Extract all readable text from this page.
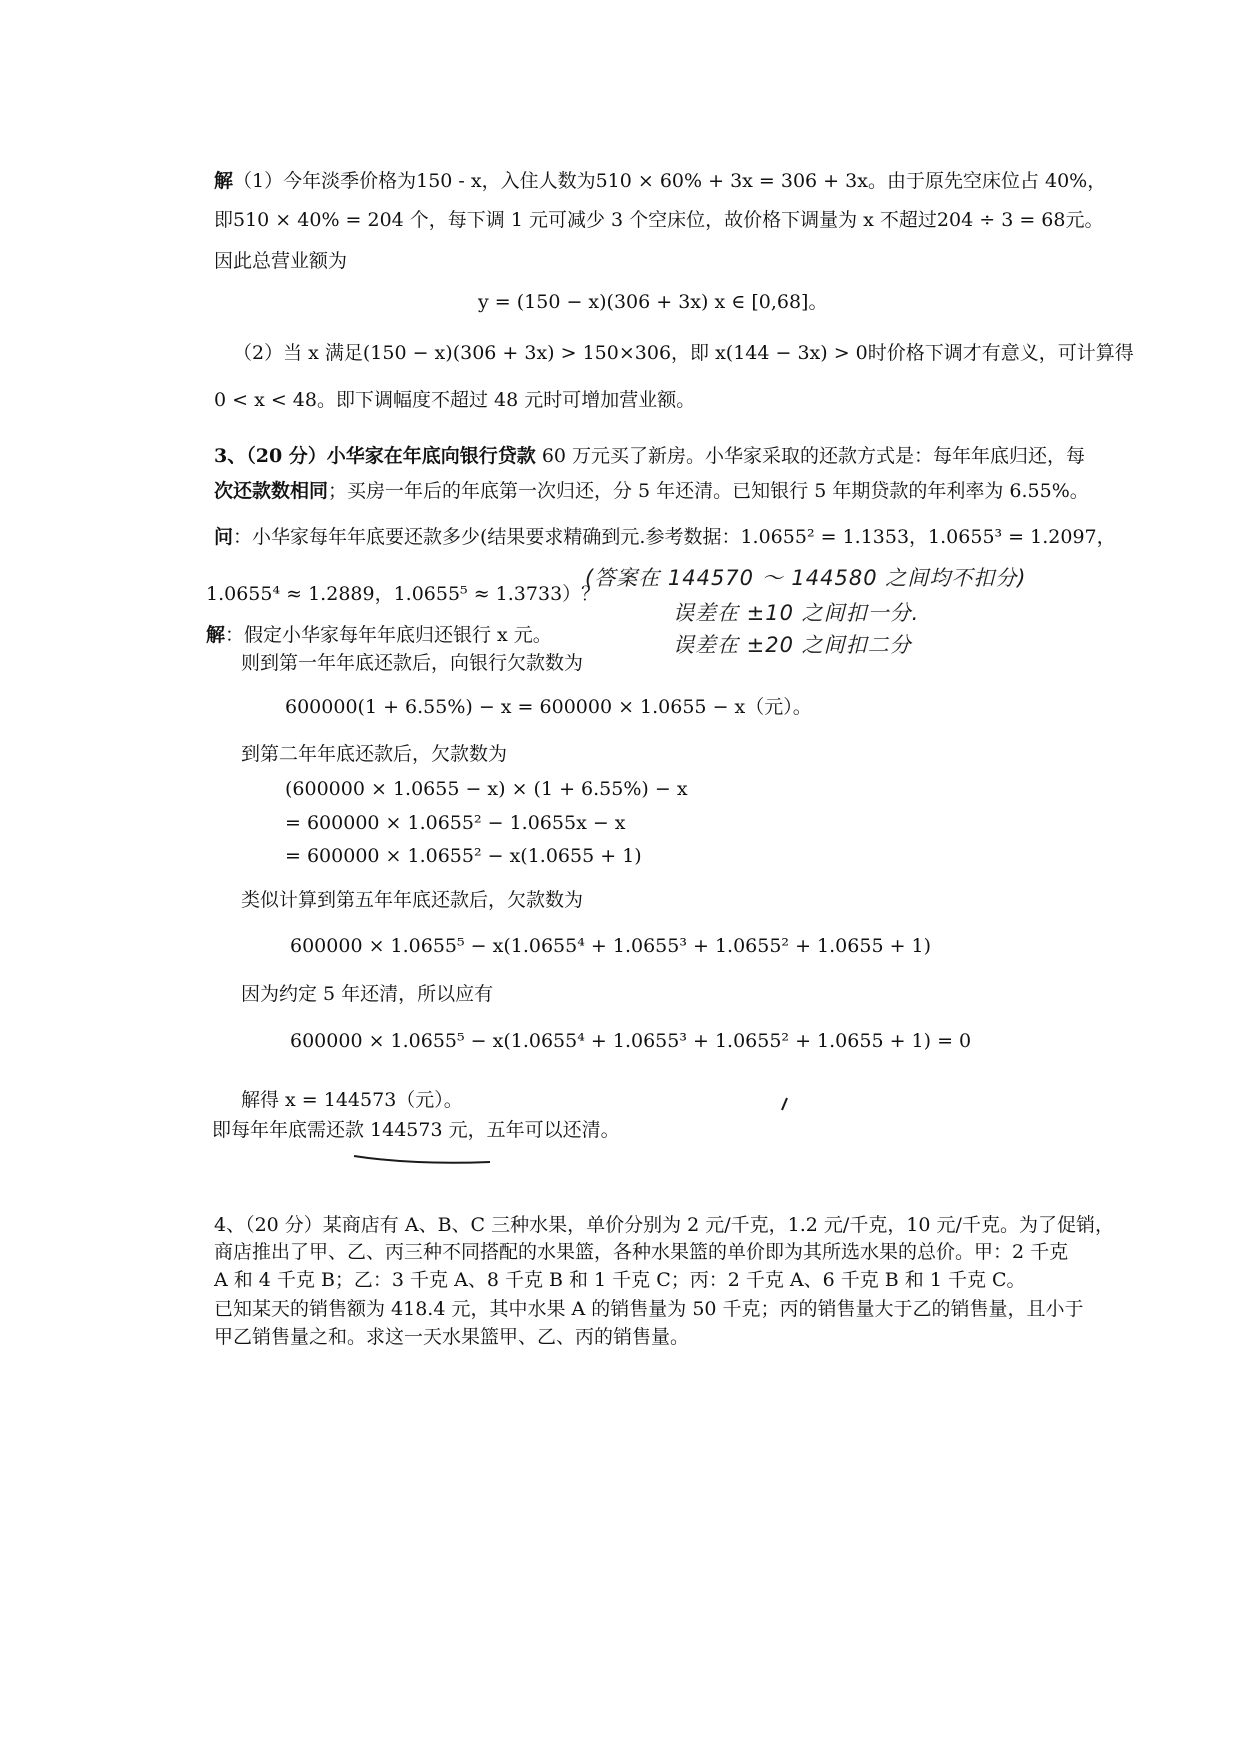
解（1）今年淡季价格为150 - x，入住人数为510 × 60% + 3x = 306 + 3x。由于原先空床位占 40%，

即510 × 40% = 204 个，每下调 1 元可减少 3 个空床位，故价格下调量为 x 不超过204 ÷ 3 = 68元。

因此总营业额为

y = (150 − x)(306 + 3x) x ∈ [0,68]。

（2）当 x 满足(150 − x)(306 + 3x) > 150×306，即 x(144 − 3x) > 0时价格下调才有意义，可计算得

0 < x < 48。即下调幅度不超过 48 元时可增加营业额。

3、（20 分）小华家在年底向银行贷款 60 万元买了新房。小华家采取的还款方式是：每年年底归还，每

次还款数相同；买房一年后的年底第一次归还，分 5 年还清。已知银行 5 年期贷款的年利率为 6.55%。

问：小华家每年年底要还款多少(结果要求精确到元.参考数据：1.0655² = 1.1353，1.0655³ = 1.2097，

1.0655⁴ ≈ 1.2889，1.0655⁵ ≈ 1.3733）？

(答案在 144570 ～ 144580 之间均不扣分)

误差在 ±10 之间扣一分.

误差在 ±20 之间扣二分

解：假定小华家每年年底归还银行 x 元。

则到第一年年底还款后，向银行欠款数为

600000(1 + 6.55%) − x = 600000 × 1.0655 − x（元）。

到第二年年底还款后，欠款数为

(600000 × 1.0655 − x) × (1 + 6.55%) − x

= 600000 × 1.0655² − 1.0655x − x

= 600000 × 1.0655² − x(1.0655 + 1)

类似计算到第五年年底还款后，欠款数为

600000 × 1.0655⁵ − x(1.0655⁴ + 1.0655³ + 1.0655² + 1.0655 + 1)

因为约定 5 年还清，所以应有

600000 × 1.0655⁵ − x(1.0655⁴ + 1.0655³ + 1.0655² + 1.0655 + 1) = 0

解得 x = 144573（元）。

即每年年底需还款 144573 元，五年可以还清。

4、（20 分）某商店有 A、B、C 三种水果，单价分别为 2 元/千克，1.2 元/千克，10 元/千克。为了促销，

商店推出了甲、乙、丙三种不同搭配的水果篮，各种水果篮的单价即为其所选水果的总价。甲：2 千克

A 和 4 千克 B；乙：3 千克 A、8 千克 B 和 1 千克 C；丙：2 千克 A、6 千克 B 和 1 千克 C。

已知某天的销售额为 418.4 元，其中水果 A 的销售量为 50 千克；丙的销售量大于乙的销售量，且小于

甲乙销售量之和。求这一天水果篮甲、乙、丙的销售量。
